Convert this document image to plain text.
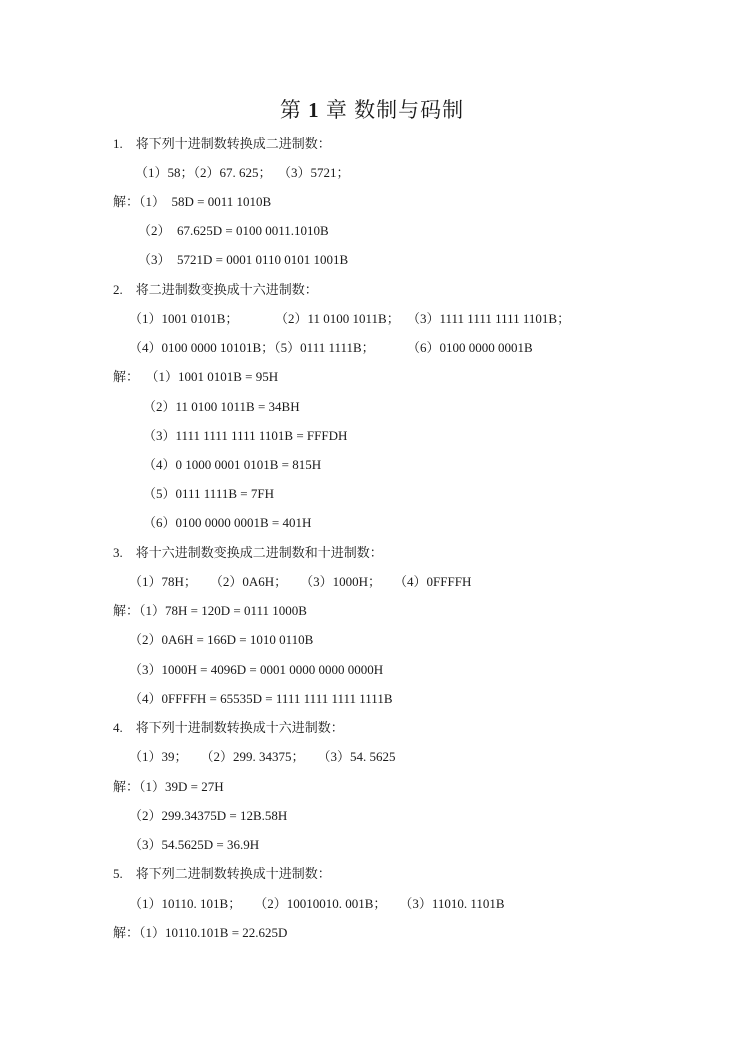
第 1 章 数制与码制
1.    将下列十进制数转换成二进制数：
（1）58；（2）67. 625；  （3）5721；
解：（1）  58D = 0011 1010B
（2）  67.625D = 0100 0011.1010B
（3）  5721D = 0001 0110 0101 1001B
2.    将二进制数变换成十六进制数：
（1）1001 0101B；	（2）11 0100 1011B； （3）1111 1111 1111 1101B；
（4）0100 0000 10101B；（5）0111 1111B； （6）0100 0000 0001B
解：  （1）1001 0101B = 95H
（2）11 0100 1011B = 34BH
（3）1111 1111 1111 1101B = FFFDH
（4）0 1000 0001 0101B = 815H
（5）0111 1111B = 7FH
（6）0100 0000 0001B = 401H
3.    将十六进制数变换成二进制数和十进制数：
（1）78H；    （2）0A6H；    （3）1000H；    （4）0FFFFH
解：（1）78H = 120D = 0111 1000B
（2）0A6H = 166D = 1010 0110B
（3）1000H = 4096D = 0001 0000 0000 0000H
（4）0FFFFH = 65535D = 1111 1111 1111 1111B
4.    将下列十进制数转换成十六进制数：
（1）39；    （2）299. 34375；    （3）54. 5625
解：（1）39D = 27H
（2）299.34375D = 12B.58H
（3）54.5625D = 36.9H
5.    将下列二进制数转换成十进制数：
（1）10110. 101B；    （2）10010010. 001B；    （3）11010. 1101B
解：（1）10110.101B = 22.625D
